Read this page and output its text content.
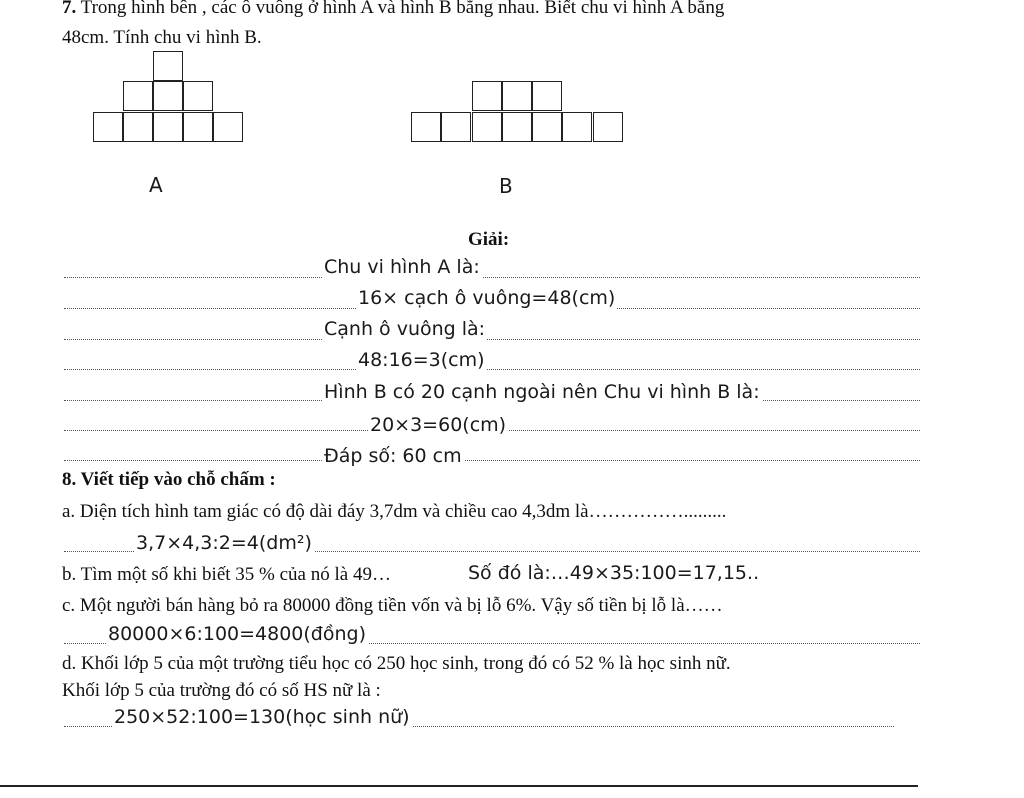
7. Trong hình bên , các ô vuông ở hình A và hình B bằng nhau. Biết chu vi hình A bằng
48cm. Tính chu vi hình B.
A	B
Giải:
Chu vi hình A là:
16× cạch ô vuông=48(cm)
Cạnh ô vuông là:
48:16=3(cm)
Hình B có 20 cạnh ngoài nên Chu vi hình B là:
20×3=60(cm)
Đáp số: 60 cm
8. Viết tiếp vào chỗ chấm :
a. Diện tích hình tam giác có độ dài đáy 3,7dm và chiều cao 4,3dm là…………….........
3,7×4,3:2=4(dm²)
b. Tìm một số khi biết 35 % của nó là 49…	Số đó là:…49×35:100=17,15..
c. Một người bán hàng bỏ ra 80000 đồng tiền vốn và bị lỗ 6%. Vậy số tiền bị lỗ là……
80000×6:100=4800(đồng)
d. Khối lớp 5 của một trường tiểu học có 250 học sinh, trong đó có 52 % là học sinh nữ.
Khối lớp 5 của trường đó có số HS nữ là :
250×52:100=130(học sinh nữ)
